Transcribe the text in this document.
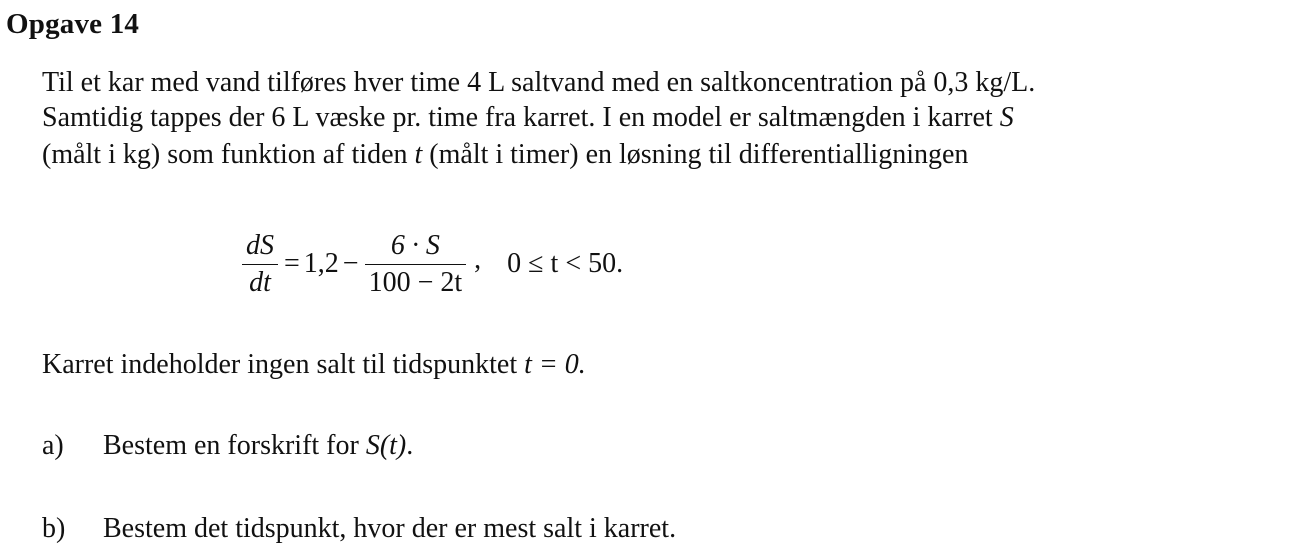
Opgave 14
Til et kar med vand tilføres hver time 4 L saltvand med en saltkoncentration på 0,3 kg/L.
Samtidig tappes der 6 L væske pr. time fra karret. I en model er saltmængden i karret S
(målt i kg) som funktion af tiden t (målt i timer) en løsning til differentialligningen
$\frac{dS}{dt} = 1,2 - \frac{6 \cdot S}{100 - 2t}$ , 0 ≤ t < 50.
Karret indeholder ingen salt til tidspunktet t = 0.
a) Bestem en forskrift for S(t).
b) Bestem det tidspunkt, hvor der er mest salt i karret.
